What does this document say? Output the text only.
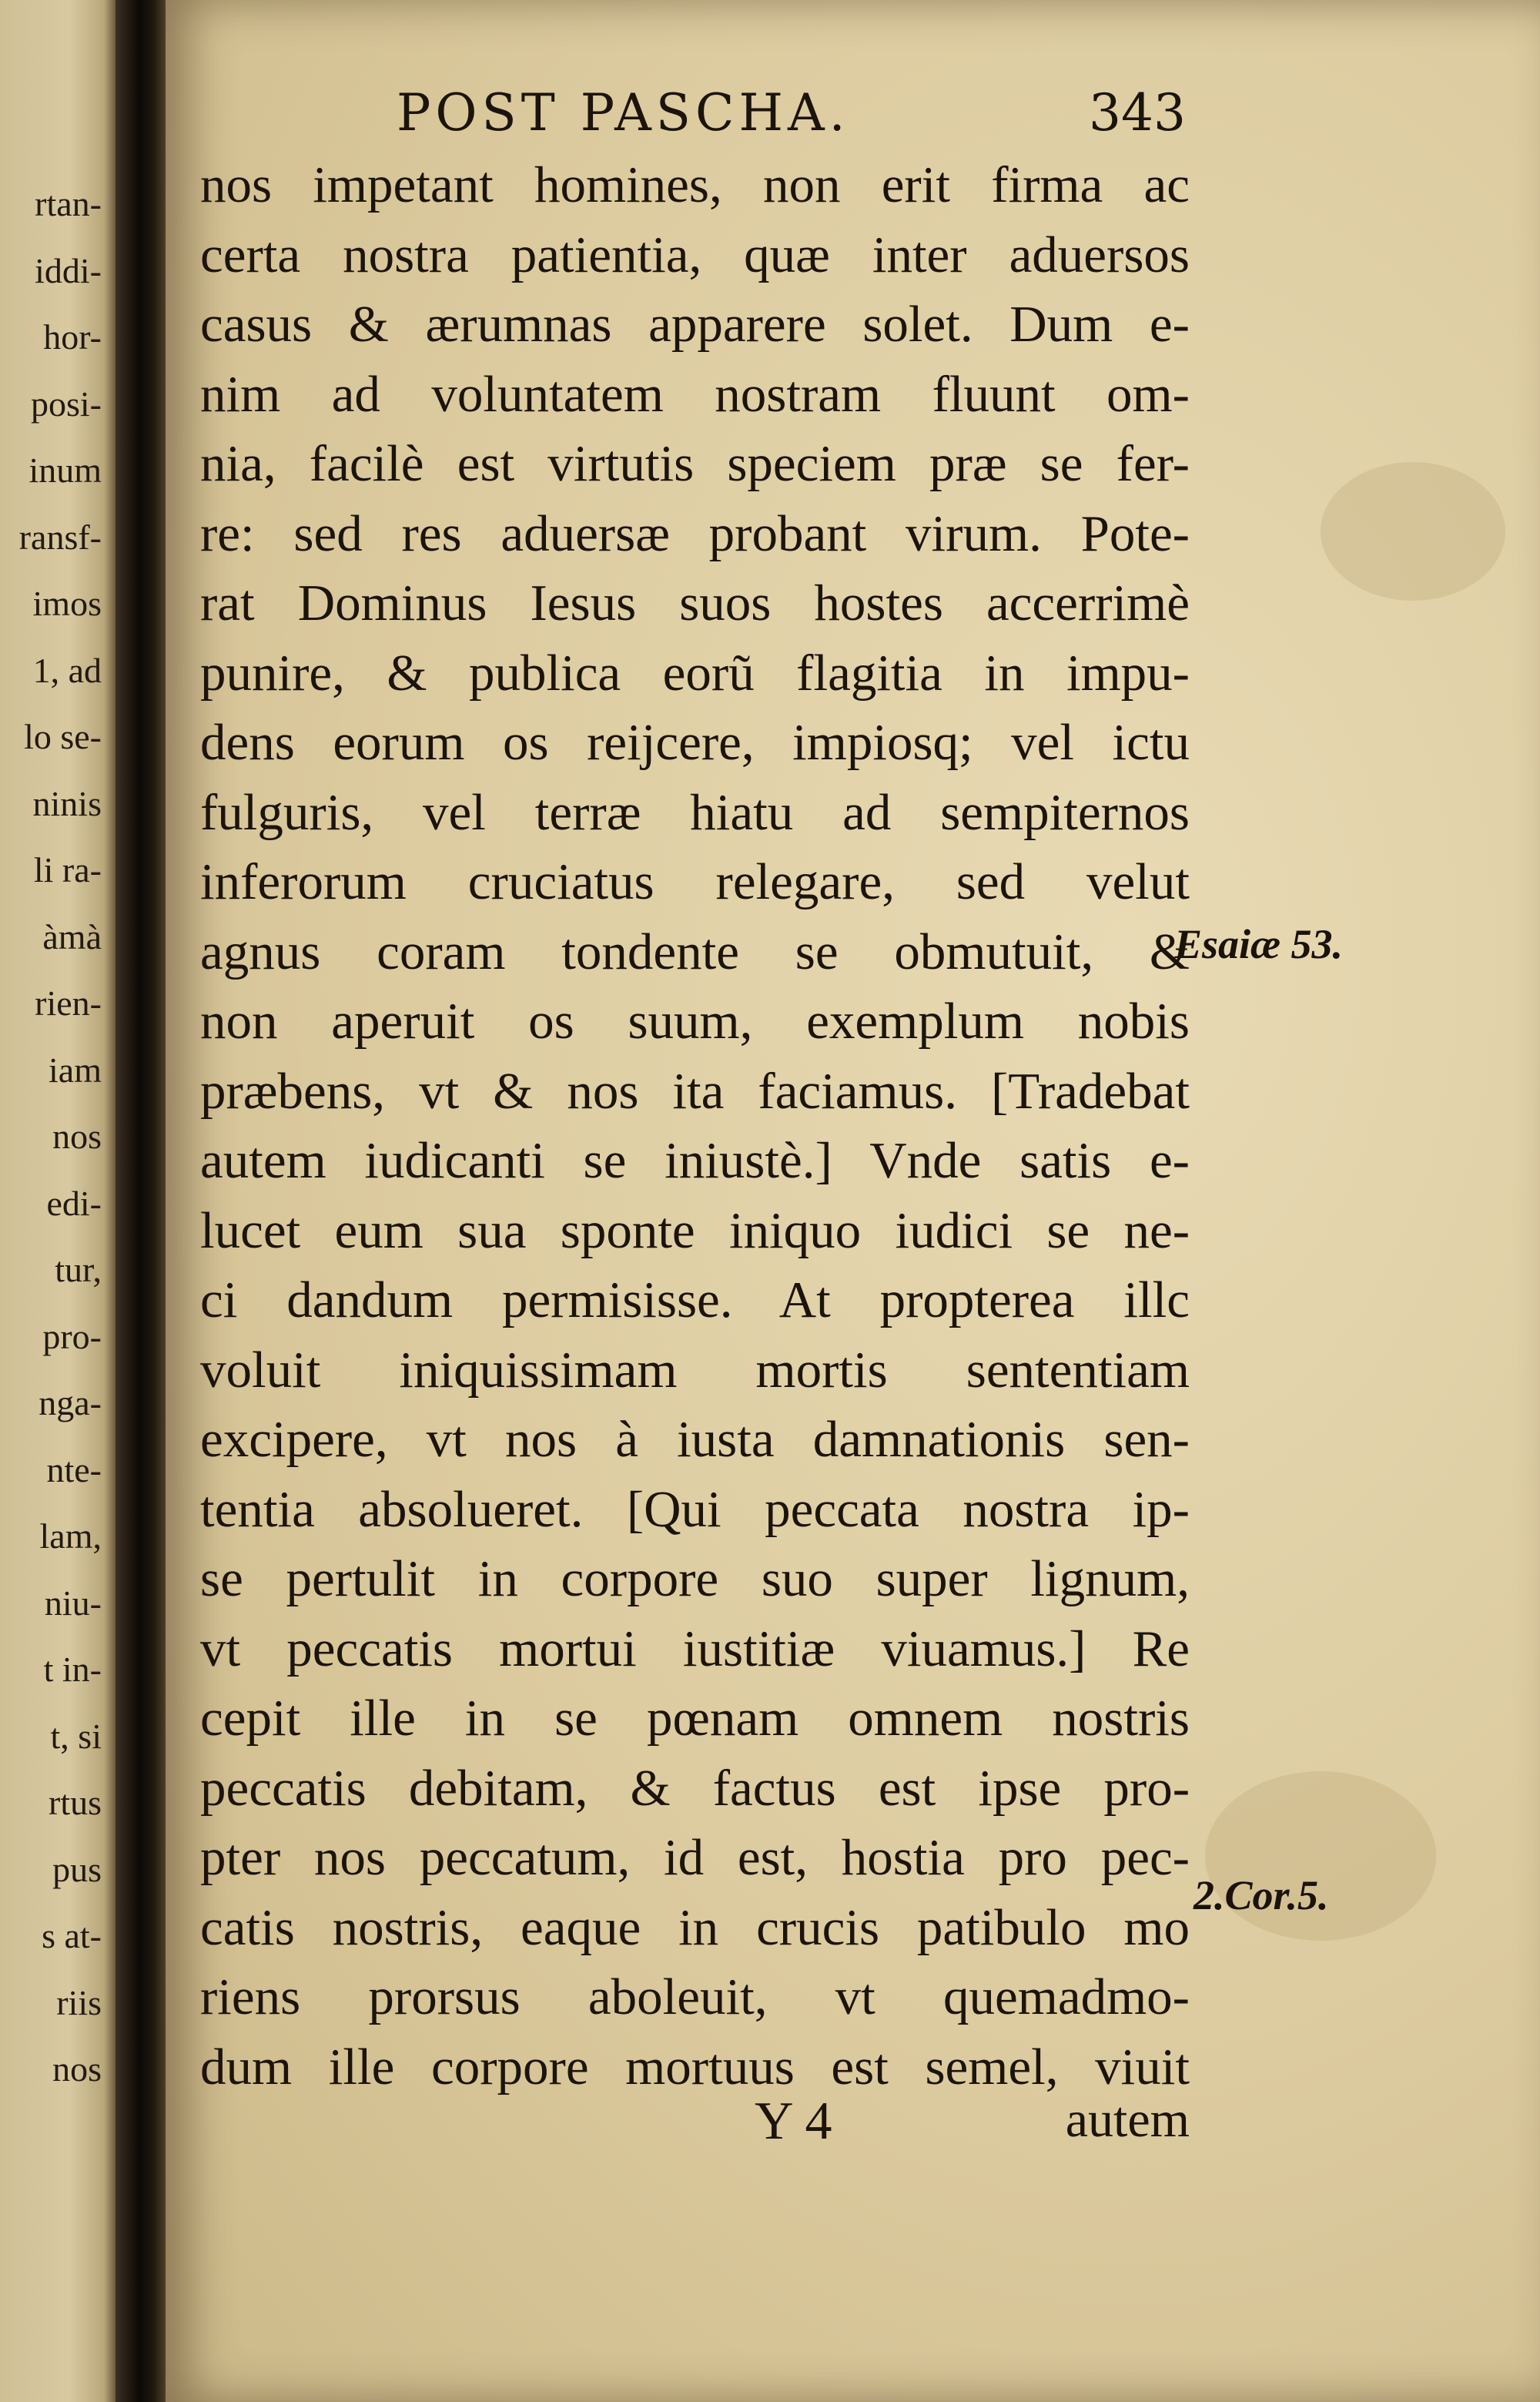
rtan-
iddi-
hor-
posi-
inum
ransf-
imos
1, ad
lo se-
ninis
li ra-
àmà
rien-
iam
nos
edi-
tur,
pro-
nga-
nte-
lam,
niu-
t in-
t, si
rtus
pus
s at-
riis
nos
POST PASCHA.	343
nos impetant homines, non erit firma ac
certa nostra patientia, quæ inter aduersos
casus & ærumnas apparere solet. Dum e-
nim ad voluntatem nostram fluunt om-
nia, facilè est virtutis speciem præ se fer-
re: sed res aduersæ probant virum. Pote-
rat Dominus Iesus suos hostes accerrimè
punire, & publica eorũ flagitia in impu-
dens eorum os reijcere, impiosq; vel ictu
fulguris, vel terræ hiatu ad sempiternos
inferorum cruciatus relegare, sed velut
agnus coram tondente se obmutuit, &
non aperuit os suum, exemplum nobis
præbens, vt & nos ita faciamus. [Tradebat
autem iudicanti se iniustè.] Vnde satis e-
lucet eum sua sponte iniquo iudici se ne-
ci dandum permisisse. At propterea illc
voluit iniquissimam mortis sententiam
excipere, vt nos à iusta damnationis sen-
tentia absolueret. [Qui peccata nostra ip-
se pertulit in corpore suo super lignum,
vt peccatis mortui iustitiæ viuamus.] Re
cepit ille in se pœnam omnem nostris
peccatis debitam, & factus est ipse pro-
pter nos peccatum, id est, hostia pro pec-
catis nostris, eaque in crucis patibulo mo
riens prorsus aboleuit, vt quemadmo-
dum ille corpore mortuus est semel, viuit
Esaiæ 53.
2.Cor.5.
Y 4	autem
